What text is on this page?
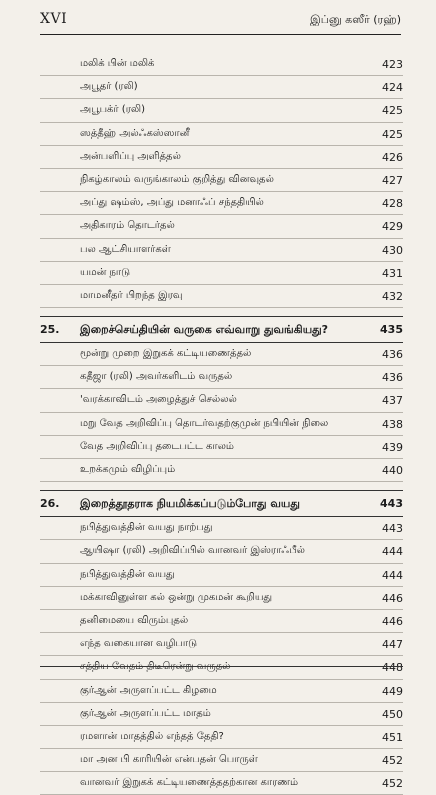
XVI	இப்னு கஸீர் (ரஹ்)
மலிக் பின் மலிக்	423
அபூதர் (ரலி)	424
அபூபக்ர் (ரலி)	425
ஸத்தீஹ் அல்ஃகஸ்ஸானீ	425
அன்பளிப்பு அளித்தல்	426
நிகழ்காலம் வருங்காலம் குறித்து வினவுதல்	427
அப்து ஷம்ஸ், அப்து மனாஃப் சந்ததியில்	428
அதிகாரம் தொடர்தல்	429
பல ஆட்சியாளர்கள்	430
யமன் நாடு	431
மாமனீதர் பிறந்த இரவு	432
25. இறைச்செய்தியின் வருகை எவ்வாறு துவங்கியது?	435
மூன்று முறை இறுகக் கட்டியணைத்தல்	436
கதீஜா (ரலி) அவர்களிடம் வருதல்	436
'வரக்காவிடம் அழைத்துச் செல்லல்	437
மறு வேத அறிவிப்பு தொடர்வதற்குமுன் நபியின் நிலை	438
வேத அறிவிப்பு தடைபட்ட காலம்	439
உறக்கமும் விழிப்பும்	440
26. இறைத்தூதராக நியமிக்கப்படும்போது வயது	443
நபித்துவத்தின் வயது நாற்பது	443
ஆயிஷா (ரலி) அறிவிப்பில் வானவர் இஸ்ராஃபீல்	444
நபித்துவத்தின் வயது	444
மக்காவினுள்ள கல் ஒன்று முகமன் கூறியது	446
தனிமையை விரும்புதல்	446
எந்த வகையான வழிபாடு	447
சத்திய வேதம் திடீரென்று வருதல்	448
குர்ஆன் அருளப்பட்ட கிழமை	449
குர்ஆன் அருளப்பட்ட மாதம்	450
ரமளான் மாதத்தில் எந்தத் தேதி?	451
மா அன பி காரியின் என்பதன் பொருள்	452
வானவர் இறுகக் கட்டியணைத்ததற்கான காரணம்	452
